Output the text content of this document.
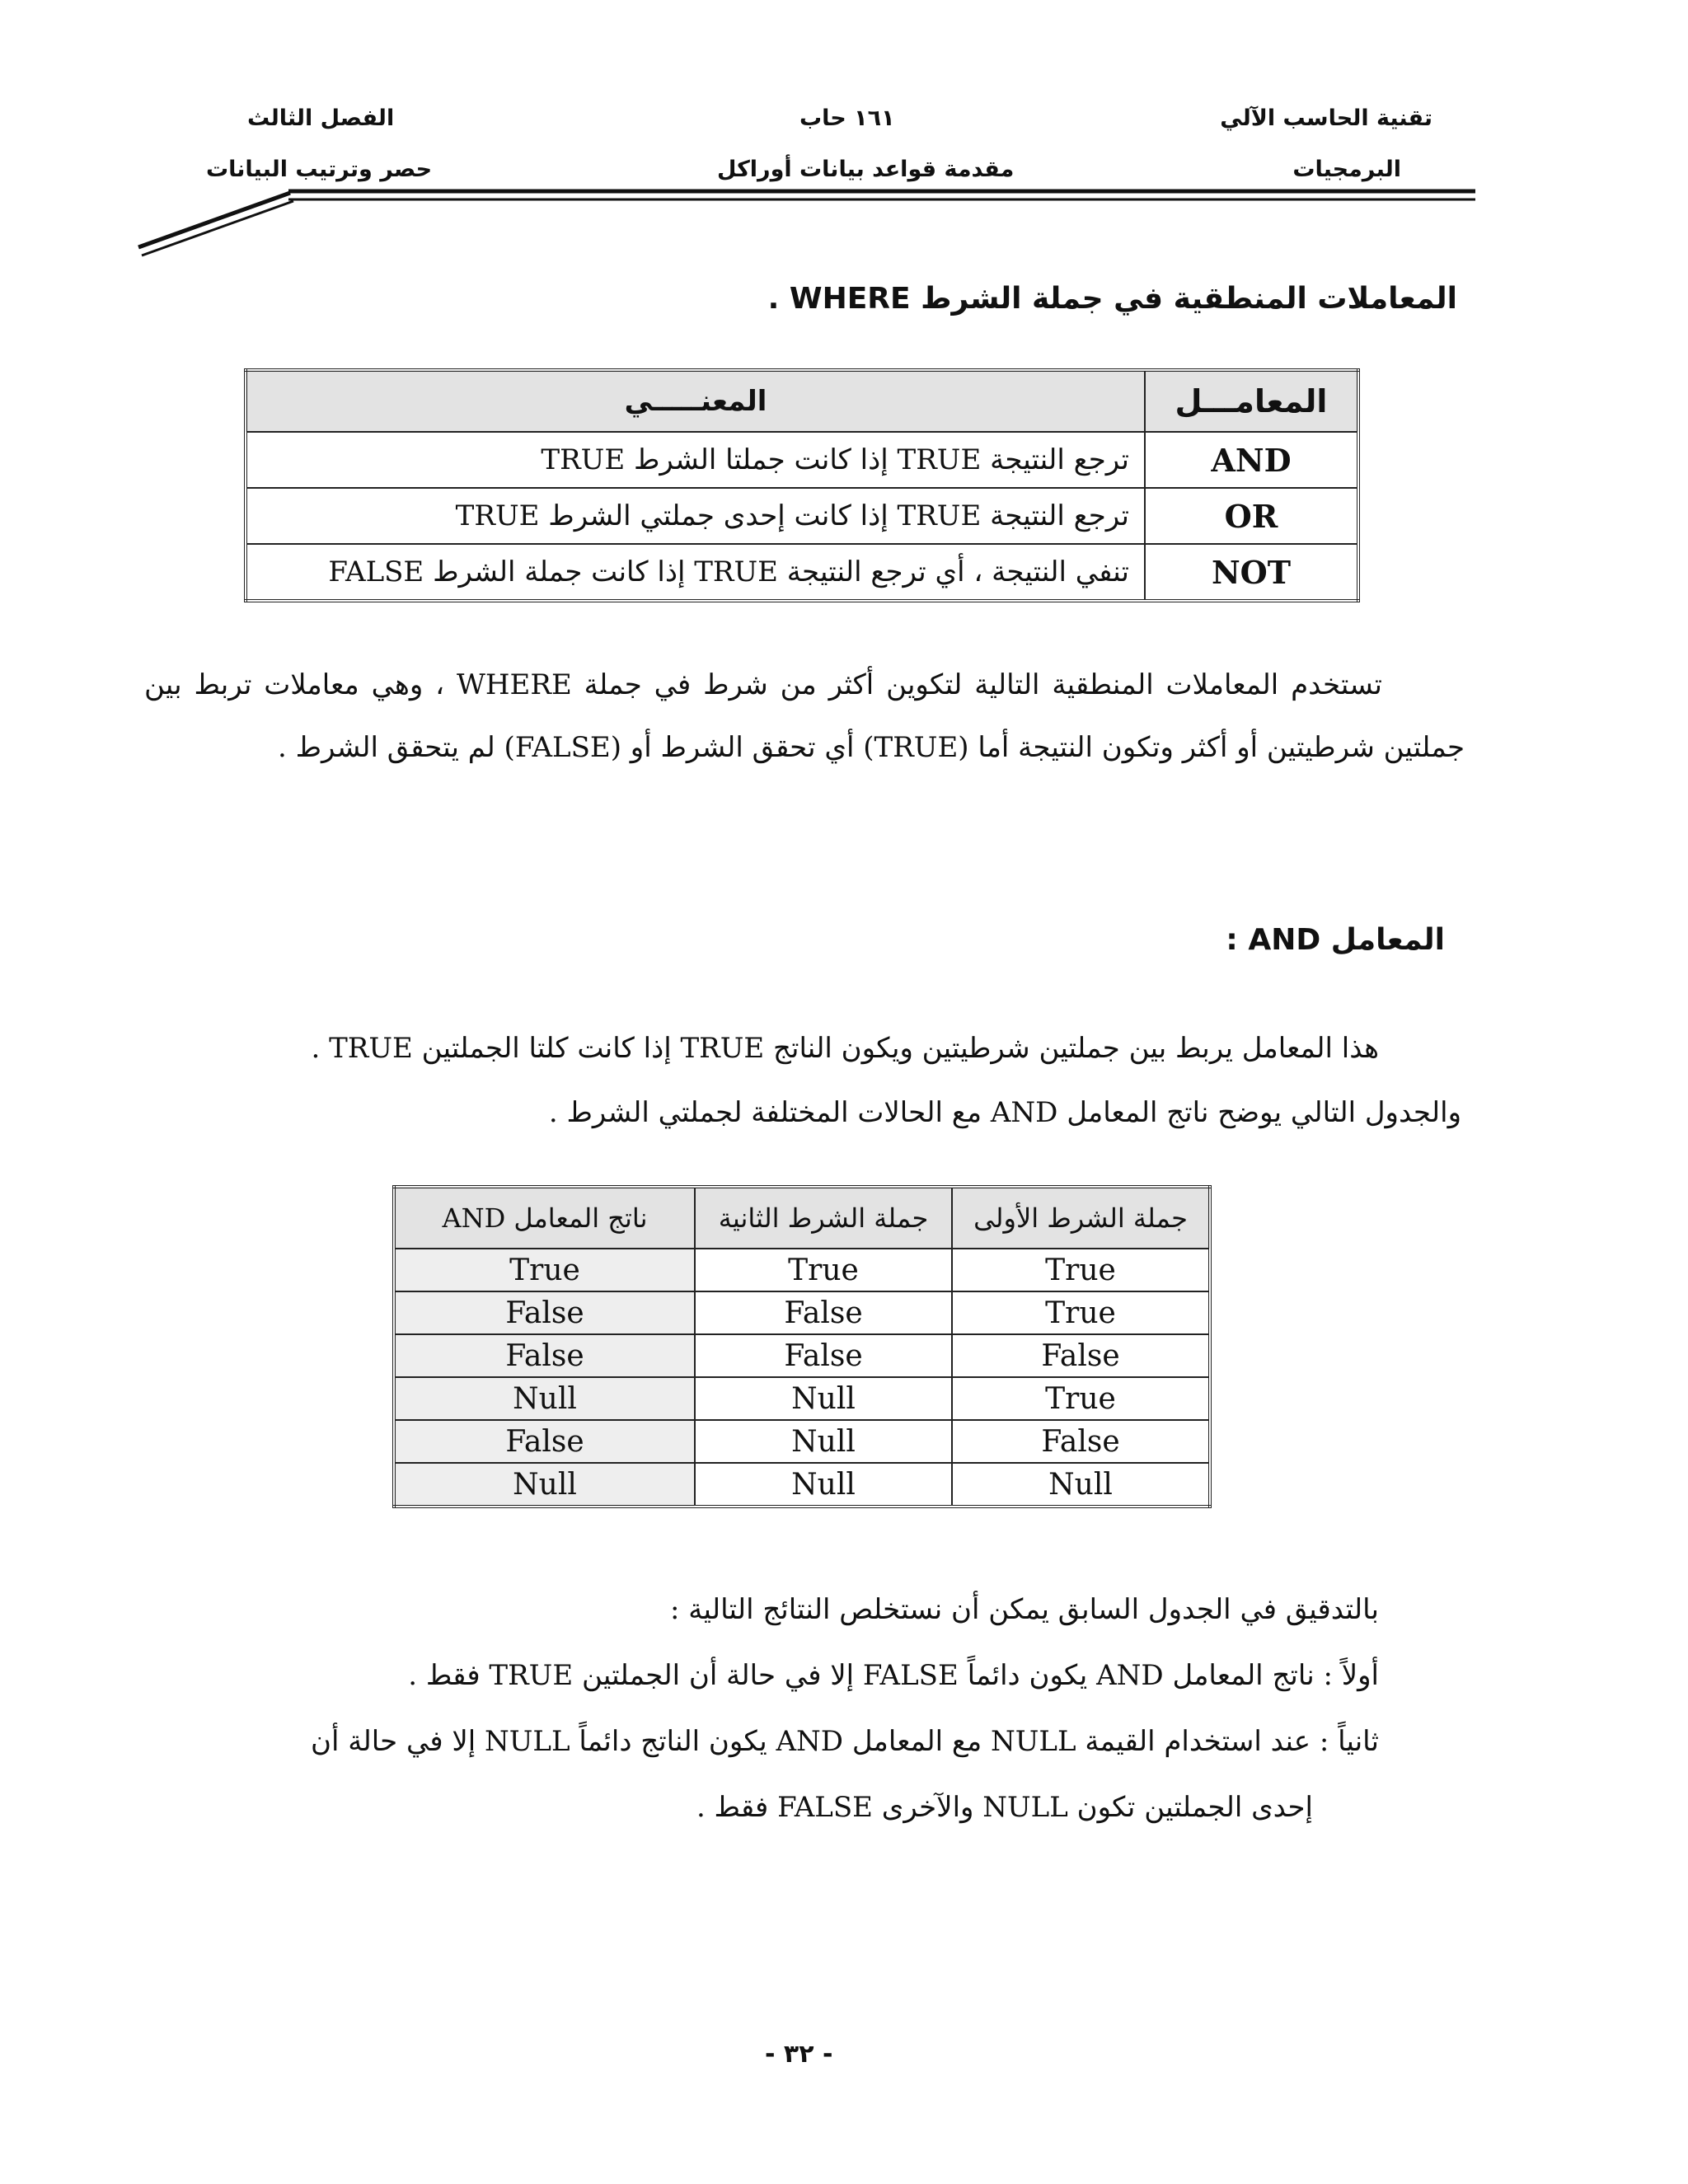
تقنية الحاسب الآلي
البرمجيات
١٦١ حاب
مقدمة قواعد بيانات أوراكل
الفصل الثالث
حصر وترتيب البيانات
المعاملات المنطقية في جملة الشرط WHERE .
المعامـــل	المعنـــــي
AND	ترجع النتيجة TRUE إذا كانت جملتا الشرط TRUE
OR	ترجع النتيجة TRUE إذا كانت إحدى جملتي الشرط TRUE
NOT	تنفي النتيجة ، أي ترجع النتيجة TRUE إذا كانت جملة الشرط FALSE
تستخدم المعاملات المنطقية التالية لتكوين أكثر من شرط في جملة WHERE ، وهي معاملات تربط بين جملتين شرطيتين أو أكثر وتكون النتيجة أما (TRUE) أي تحقق الشرط أو (FALSE) لم يتحقق الشرط .
المعامل AND :
هذا المعامل يربط بين جملتين شرطيتين ويكون الناتج TRUE إذا كانت كلتا الجملتين TRUE .
والجدول التالي يوضح ناتج المعامل AND مع الحالات المختلفة لجملتي الشرط .
جملة الشرط الأولى	جملة الشرط الثانية	ناتج المعامل AND
True	True	True
True	False	False
False	False	False
True	Null	Null
False	Null	False
Null	Null	Null
بالتدقيق في الجدول السابق يمكن أن نستخلص النتائج التالية :
أولاً : ناتج المعامل AND يكون دائماً FALSE إلا في حالة أن الجملتين TRUE فقط .
ثانياً : عند استخدام القيمة NULL مع المعامل AND يكون الناتج دائماً NULL إلا في حالة أن
إحدى الجملتين تكون NULL والآخرى FALSE فقط .
- ٣٢ -
